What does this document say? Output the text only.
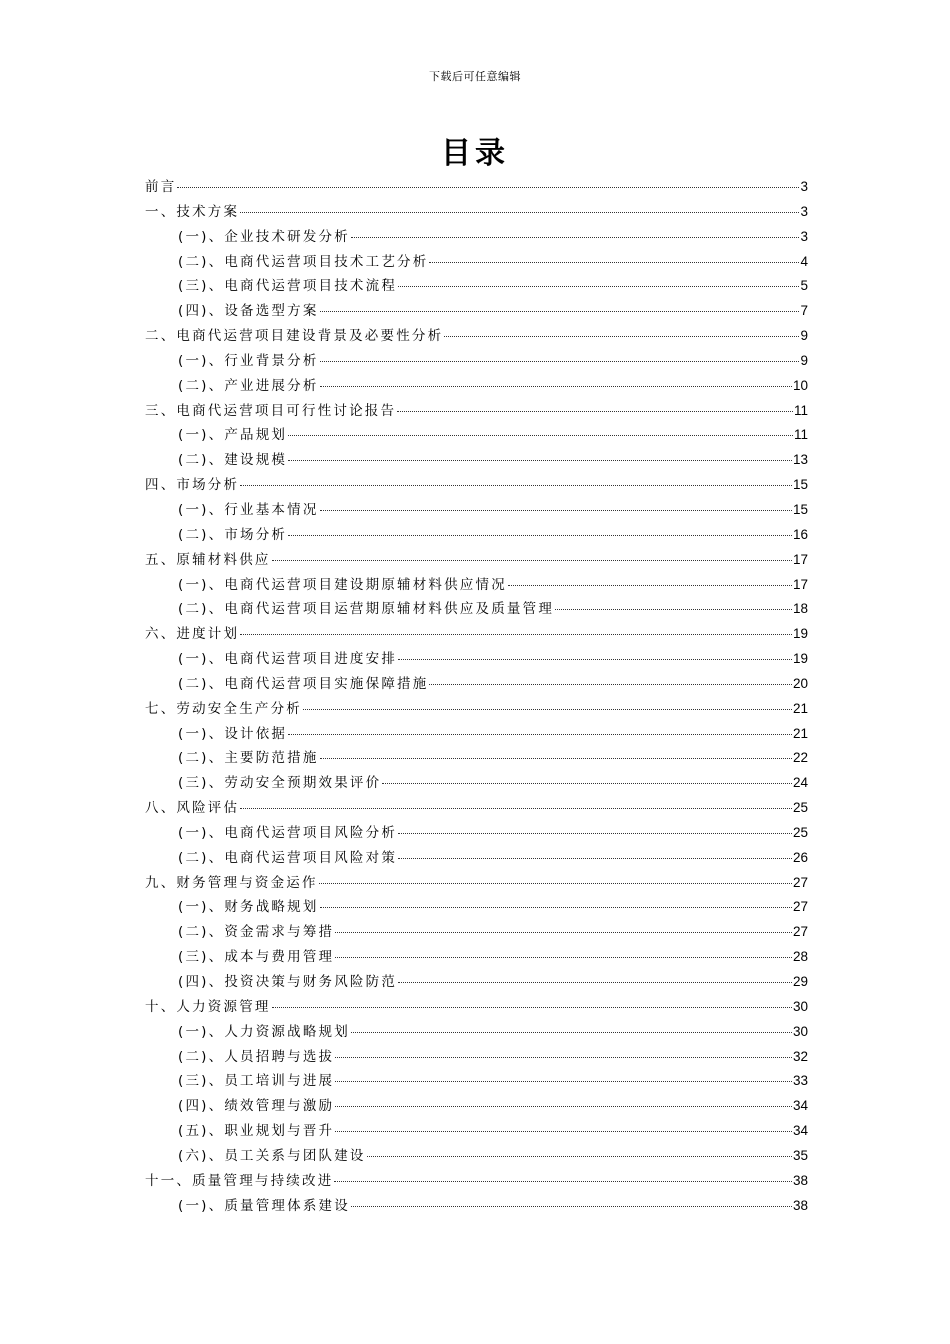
下载后可任意编辑
目录
前言	3
一、技术方案	3
(一)、企业技术研发分析	3
(二)、电商代运营项目技术工艺分析	4
(三)、电商代运营项目技术流程	5
(四)、设备选型方案	7
二、电商代运营项目建设背景及必要性分析	9
(一)、行业背景分析	9
(二)、产业进展分析	10
三、电商代运营项目可行性讨论报告	11
(一)、产品规划	11
(二)、建设规模	13
四、市场分析	15
(一)、行业基本情况	15
(二)、市场分析	16
五、原辅材料供应	17
(一)、电商代运营项目建设期原辅材料供应情况	17
(二)、电商代运营项目运营期原辅材料供应及质量管理	18
六、进度计划	19
(一)、电商代运营项目进度安排	19
(二)、电商代运营项目实施保障措施	20
七、劳动安全生产分析	21
(一)、设计依据	21
(二)、主要防范措施	22
(三)、劳动安全预期效果评价	24
八、风险评估	25
(一)、电商代运营项目风险分析	25
(二)、电商代运营项目风险对策	26
九、财务管理与资金运作	27
(一)、财务战略规划	27
(二)、资金需求与筹措	27
(三)、成本与费用管理	28
(四)、投资决策与财务风险防范	29
十、人力资源管理	30
(一)、人力资源战略规划	30
(二)、人员招聘与选拔	32
(三)、员工培训与进展	33
(四)、绩效管理与激励	34
(五)、职业规划与晋升	34
(六)、员工关系与团队建设	35
十一、质量管理与持续改进	38
(一)、质量管理体系建设	38
